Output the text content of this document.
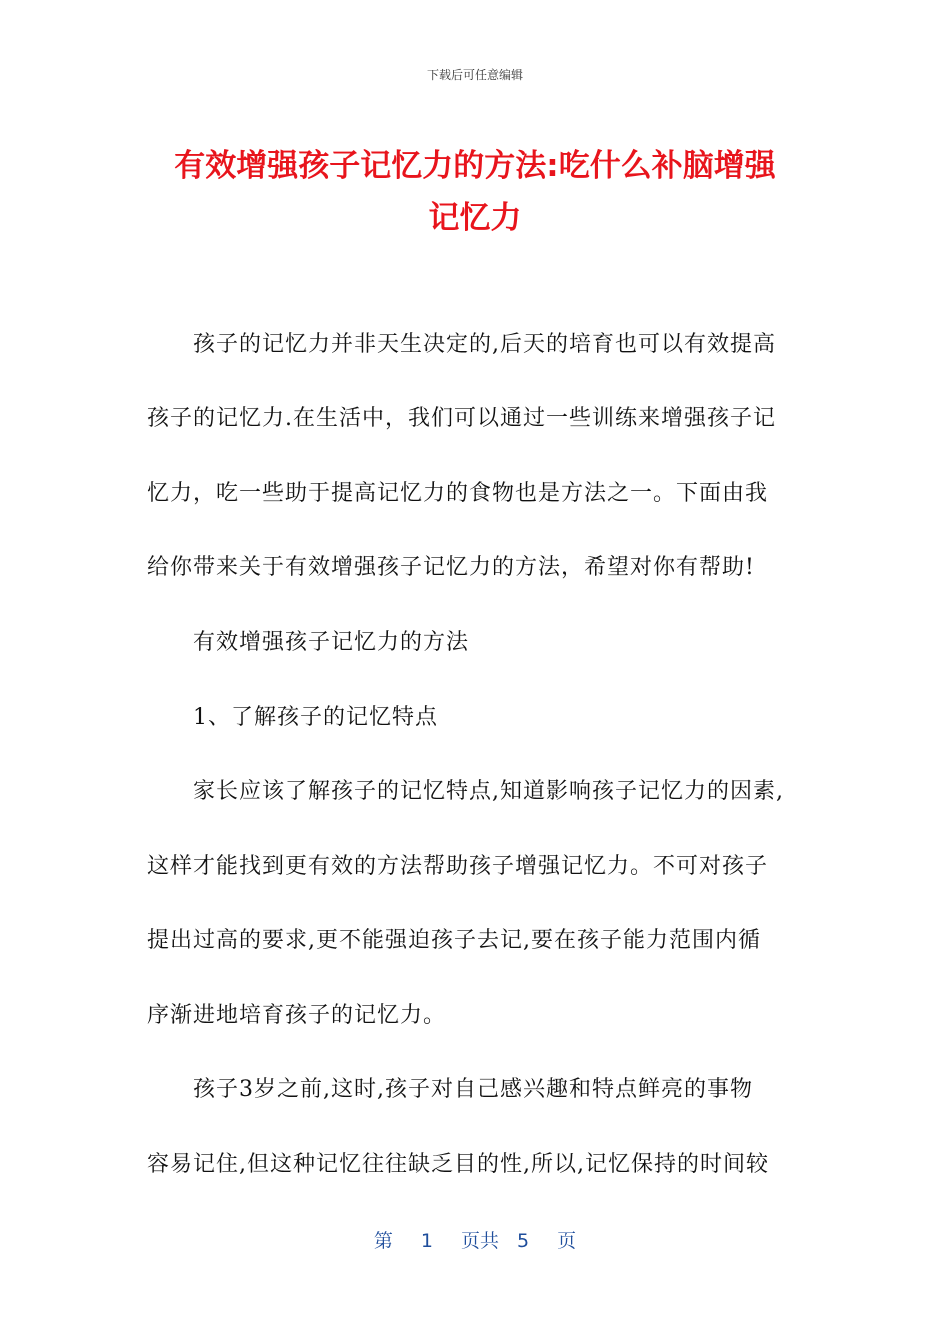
下载后可任意编辑
有效增强孩子记忆力的方法:吃什么补脑增强
记忆力
孩子的记忆力并非天生决定的,后天的培育也可以有效提高
孩子的记忆力.在生活中，我们可以通过一些训练来增强孩子记
忆力，吃一些助于提高记忆力的食物也是方法之一。下面由我
给你带来关于有效增强孩子记忆力的方法，希望对你有帮助!
有效增强孩子记忆力的方法
1、了解孩子的记忆特点
家长应该了解孩子的记忆特点,知道影响孩子记忆力的因素,
这样才能找到更有效的方法帮助孩子增强记忆力。不可对孩子
提出过高的要求,更不能强迫孩子去记,要在孩子能力范围内循
序渐进地培育孩子的记忆力。
孩子3岁之前,这时,孩子对自己感兴趣和特点鲜亮的事物
容易记住,但这种记忆往往缺乏目的性,所以,记忆保持的时间较
第 1 页共 5 页
